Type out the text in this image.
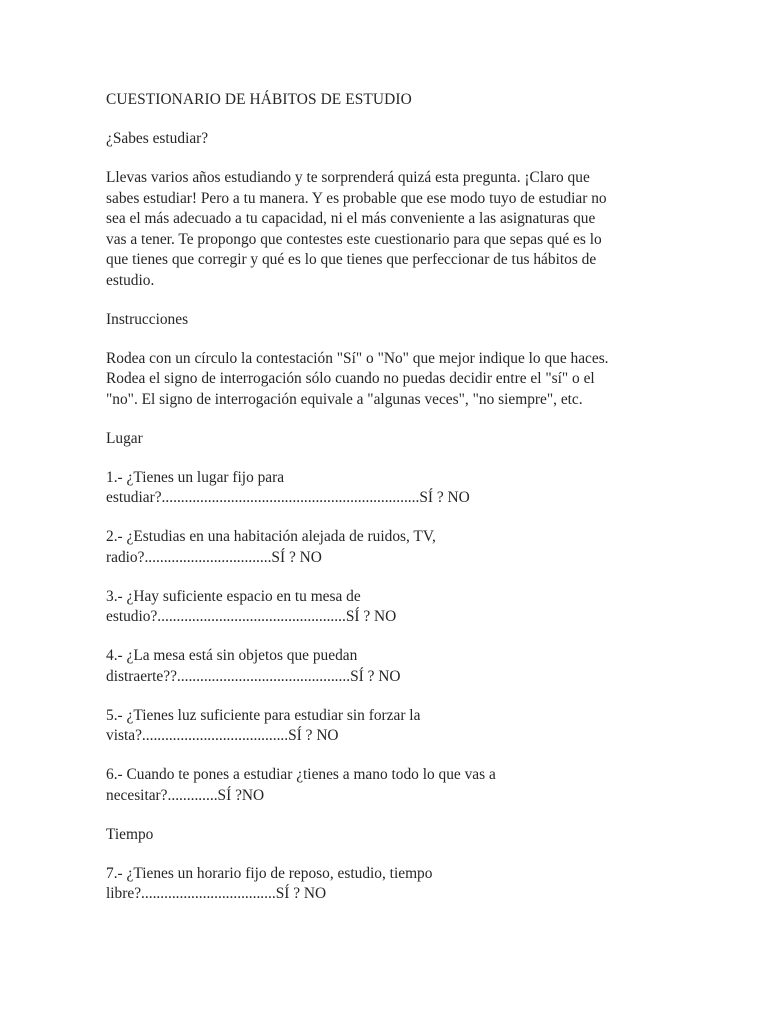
CUESTIONARIO DE HÁBITOS DE ESTUDIO

¿Sabes estudiar?

Llevas varios años estudiando y te sorprenderá quizá esta pregunta. ¡Claro que
sabes estudiar! Pero a tu manera. Y es probable que ese modo tuyo de estudiar no
sea el más adecuado a tu capacidad, ni el más conveniente a las asignaturas que
vas a tener. Te propongo que contestes este cuestionario para que sepas qué es lo
que tienes que corregir y qué es lo que tienes que perfeccionar de tus hábitos de
estudio.

Instrucciones

Rodea con un círculo la contestación "Sí" o "No" que mejor indique lo que haces.
Rodea el signo de interrogación sólo cuando no puedas decidir entre el "sí" o el
"no". El signo de interrogación equivale a "algunas veces", "no siempre", etc.

Lugar

1.- ¿Tienes un lugar fijo para
estudiar?...................................................................SÍ ? NO

2.- ¿Estudias en una habitación alejada de ruidos, TV,
radio?.................................SÍ ? NO

3.- ¿Hay suficiente espacio en tu mesa de
estudio?.................................................SÍ ? NO

4.- ¿La mesa está sin objetos que puedan
distraerte??.............................................SÍ ? NO

5.- ¿Tienes luz suficiente para estudiar sin forzar la
vista?......................................SÍ ? NO

6.- Cuando te pones a estudiar ¿tienes a mano todo lo que vas a
necesitar?.............SÍ ?NO

Tiempo

7.- ¿Tienes un horario fijo de reposo, estudio, tiempo
libre?...................................SÍ ? NO
